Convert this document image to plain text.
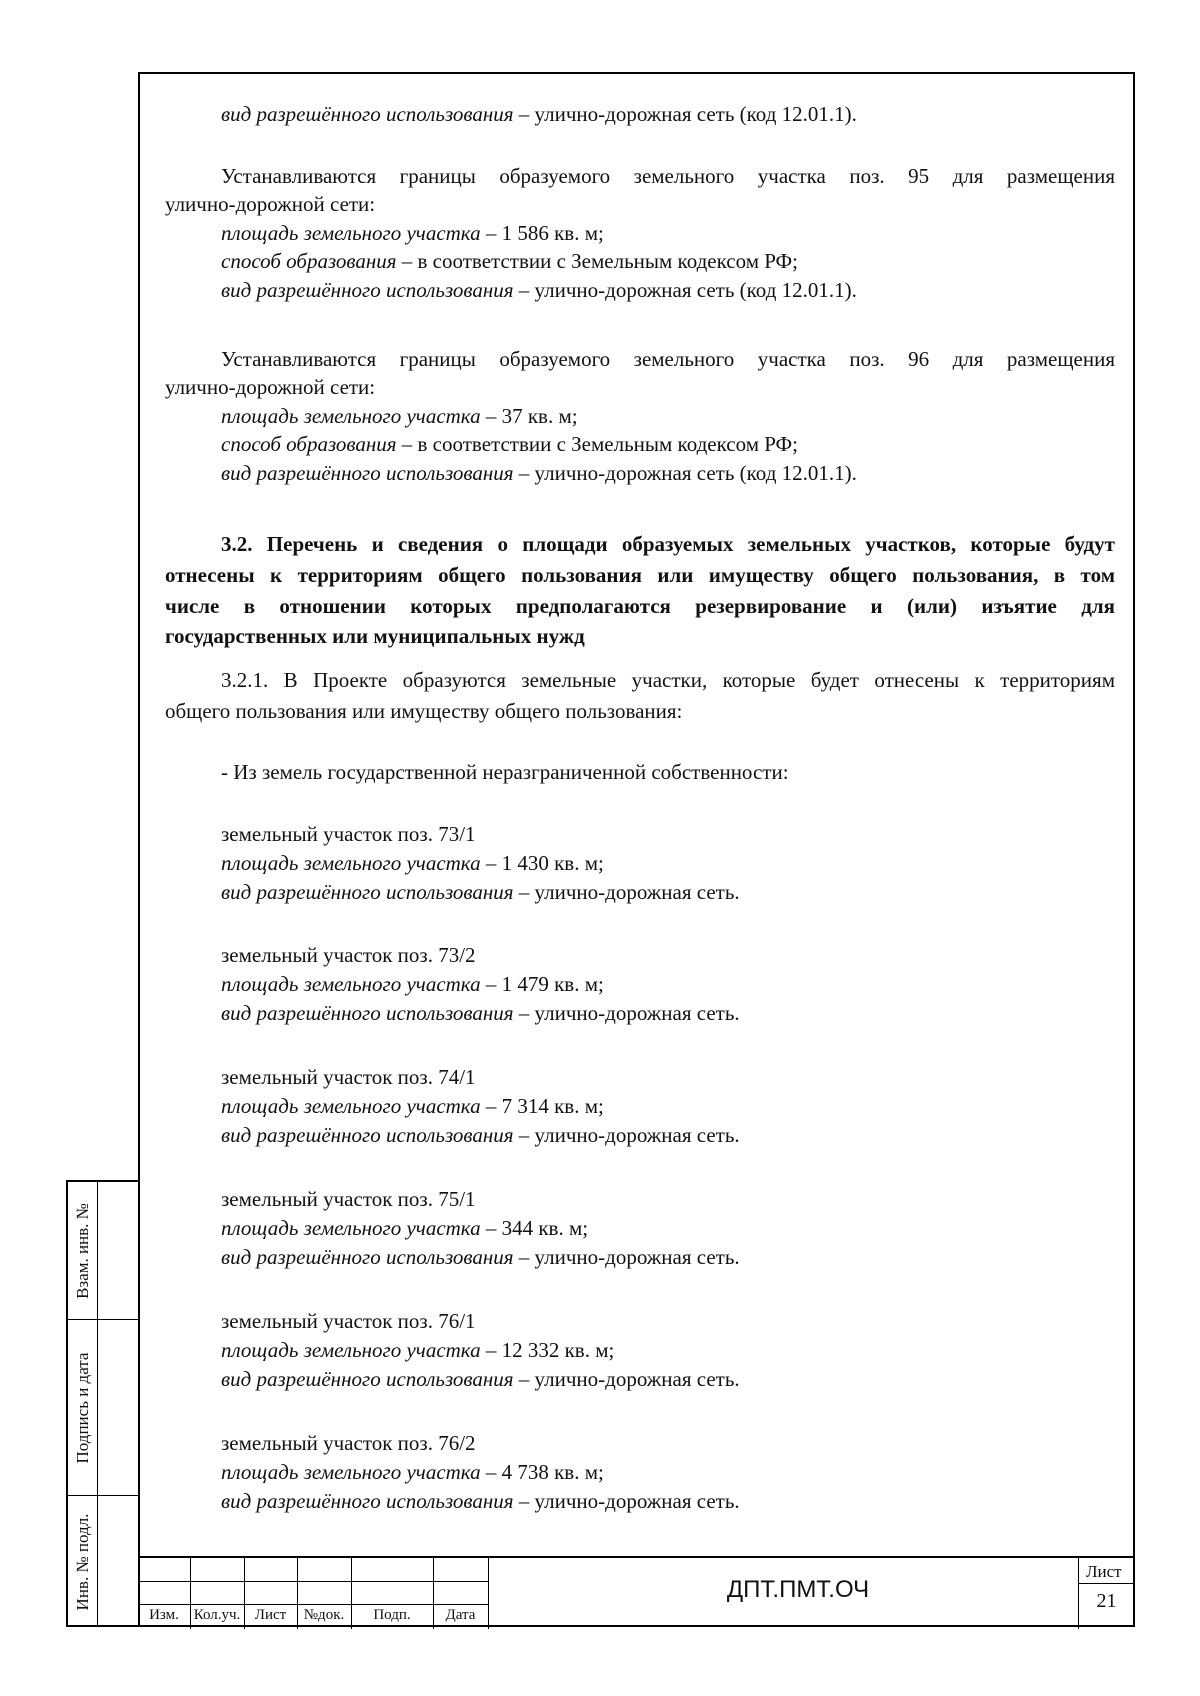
вид разрешённого использования – улично-дорожная сеть (код 12.01.1).
Устанавливаются границы образуемого земельного участка поз. 95 для размещения
улично-дорожной сети:
площадь земельного участка – 1 586 кв. м;
способ образования – в соответствии с Земельным кодексом РФ;
вид разрешённого использования – улично-дорожная сеть (код 12.01.1).
Устанавливаются границы образуемого земельного участка поз. 96 для размещения
улично-дорожной сети:
площадь земельного участка – 37 кв. м;
способ образования – в соответствии с Земельным кодексом РФ;
вид разрешённого использования – улично-дорожная сеть (код 12.01.1).
3.2. Перечень и сведения о площади образуемых земельных участков, которые будут
отнесены к территориям общего пользования или имуществу общего пользования, в том
числе в отношении которых предполагаются резервирование и (или) изъятие для
государственных или муниципальных нужд
3.2.1. В Проекте образуются земельные участки, которые будет отнесены к территориям
общего пользования или имуществу общего пользования:
- Из земель государственной неразграниченной собственности:
земельный участок поз. 73/1
площадь земельного участка – 1 430 кв. м;
вид разрешённого использования – улично-дорожная сеть.
земельный участок поз. 73/2
площадь земельного участка – 1 479 кв. м;
вид разрешённого использования – улично-дорожная сеть.
земельный участок поз. 74/1
площадь земельного участка – 7 314 кв. м;
вид разрешённого использования – улично-дорожная сеть.
земельный участок поз. 75/1
площадь земельного участка – 344 кв. м;
вид разрешённого использования – улично-дорожная сеть.
земельный участок поз. 76/1
площадь земельного участка – 12 332 кв. м;
вид разрешённого использования – улично-дорожная сеть.
земельный участок поз. 76/2
площадь земельного участка – 4 738 кв. м;
вид разрешённого использования – улично-дорожная сеть.
Взам. инв. №
Подпись и дата
Инв. № подл.
Изм. Кол.уч. Лист	№док.	Подп.	Дата
ДПТ.ПМТ.ОЧ
Лист
21
